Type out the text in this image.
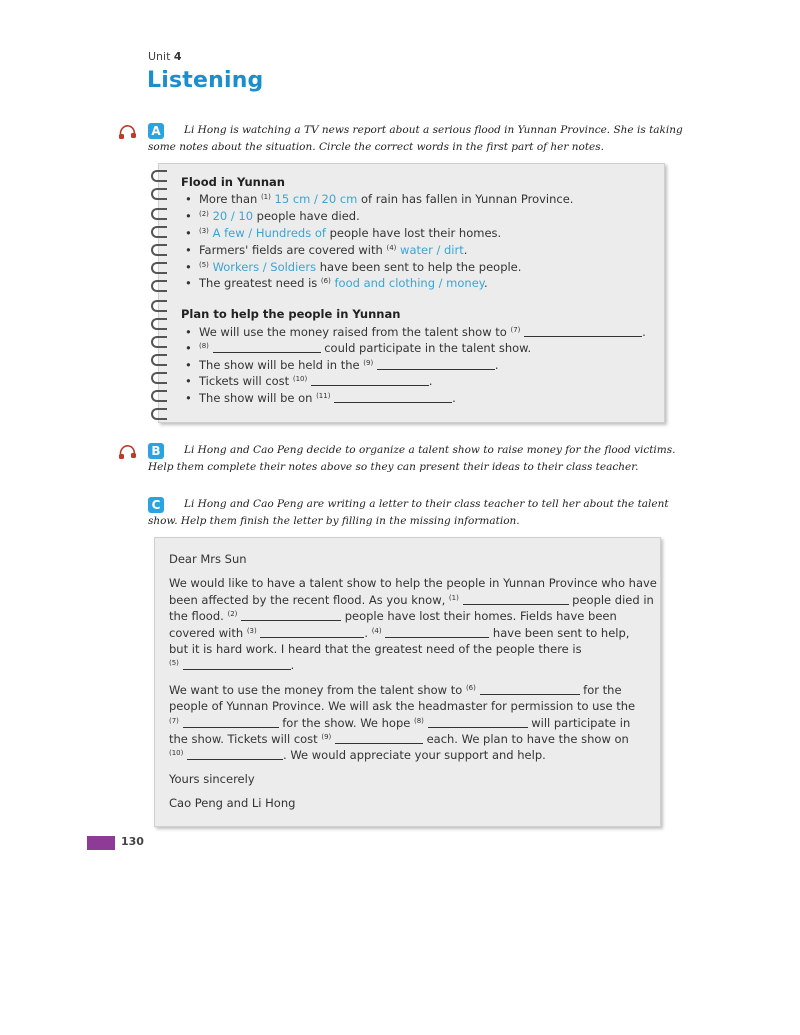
Unit 4
Listening
A	Li Hong is watching a TV news report about a serious flood in Yunnan Province. She is taking
some notes about the situation. Circle the correct words in the first part of her notes.
Flood in Yunnan
• More than $^{(1)}$ 15 cm / 20 cm of rain has fallen in Yunnan Province.
• $^{(2)}$ 20 / 10 people have died.
• $^{(3)}$ A few / Hundreds of people have lost their homes.
• Farmers' fields are covered with $^{(4)}$ water / dirt.
• $^{(5)}$ Workers / Soldiers have been sent to help the people.
• The greatest need is $^{(6)}$ food and clothing / money.
Plan to help the people in Yunnan
• We will use the money raised from the talent show to $^{(7)}$	.
• $^{(8)}$	could participate in the talent show.
• The show will be held in the $^{(9)}$	.
• Tickets will cost $^{(10)}$	.
• The show will be on $^{(11)}$	.
B	Li Hong and Cao Peng decide to organize a talent show to raise money for the flood victims.
Help them complete their notes above so they can present their ideas to their class teacher.
C	Li Hong and Cao Peng are writing a letter to their class teacher to tell her about the talent
show. Help them finish the letter by filling in the missing information.
Dear Mrs Sun
We would like to have a talent show to help the people in Yunnan Province who have
been affected by the recent flood. As you know, $^{(1)}$	people died in
the flood. $^{(2)}$	people have lost their homes. Fields have been
covered with $^{(3)}$	. $^{(4)}$	have been sent to help,
but it is hard work. I heard that the greatest need of the people there is
$^{(5)}$	.
We want to use the money from the talent show to $^{(6)}$	for the
people of Yunnan Province. We will ask the headmaster for permission to use the
$^{(7)}$	for the show. We hope $^{(8)}$	will participate in
the show. Tickets will cost $^{(9)}$	each. We plan to have the show on
$^{(10)}$	. We would appreciate your support and help.
Yours sincerely
Cao Peng and Li Hong
130
